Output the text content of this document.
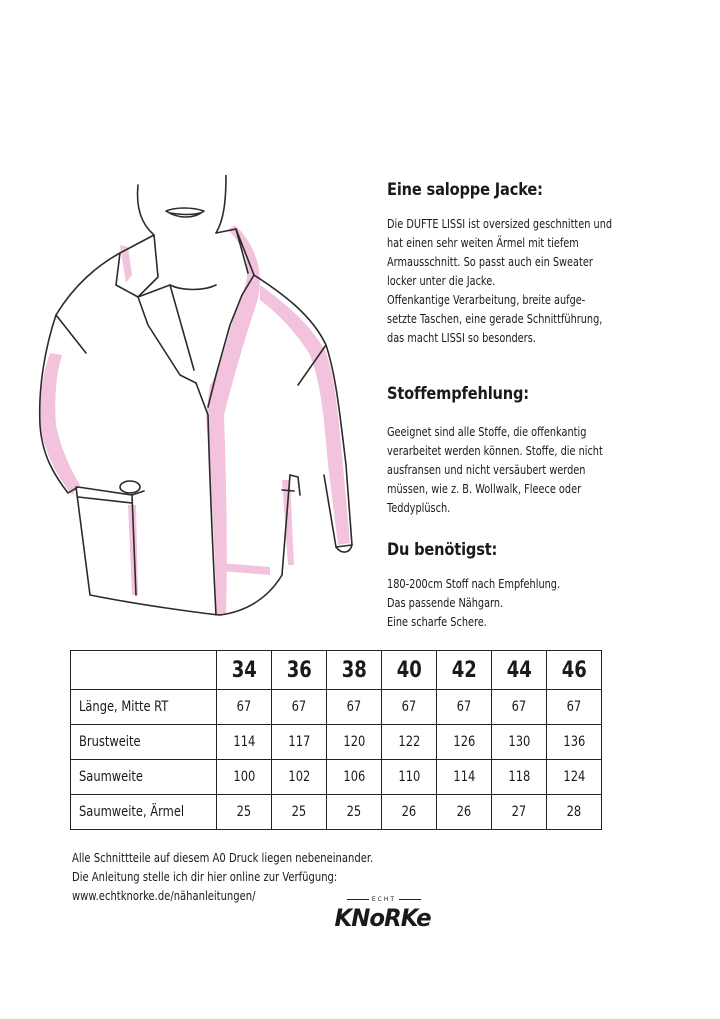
Eine saloppe Jacke:
Die DUFTE LISSI ist oversized geschnitten und
hat einen sehr weiten Ärmel mit tiefem
Armausschnitt. So passt auch ein Sweater
locker unter die Jacke.
Offenkantige Verarbeitung, breite aufge-
setzte Taschen, eine gerade Schnittführung,
das macht LISSI so besonders.
Stoffempfehlung:
Geeignet sind alle Stoffe, die offenkantig
verarbeitet werden können. Stoffe, die nicht
ausfransen und nicht versäubert werden
müssen, wie z. B. Wollwalk, Fleece oder
Teddyplüsch.
Du benötigst:
180-200cm Stoff nach Empfehlung.
Das passende Nähgarn.
Eine scharfe Schere.
	34	36	38	40	42	44	46
Länge, Mitte RT	67	67	67	67	67	67	67
Brustweite	114	117	120	122	126	130	136
Saumweite	100	102	106	110	114	118	124
Saumweite, Ärmel	25	25	25	26	26	27	28
Alle Schnittteile auf diesem A0 Druck liegen nebeneinander.
Die Anleitung stelle ich dir hier online zur Verfügung:
www.echtknorke.de/nähanleitungen/	ECHT
KNoRKe
